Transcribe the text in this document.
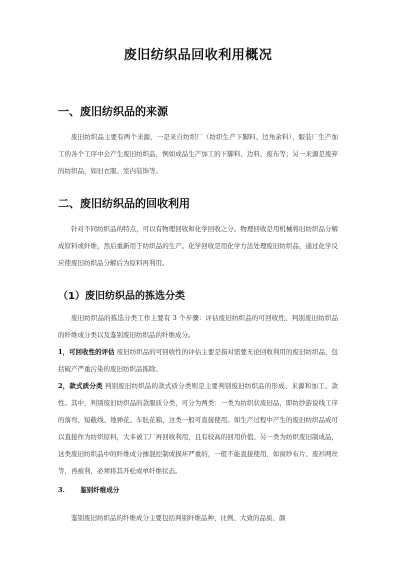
废旧纺织品回收利用概况
一、废旧纺织品的来源

废旧纺织品主要有两个来源，一是来自纺织厂（纺织生产下脚料、边角余料）、服装厂生产加工的各个工序中会产生废旧纺织品，例如成品生产加工的下脚料、边料、废布等；另一来源是废弃的纺织品，如旧衣服、室内装饰等。

二、废旧纺织品的回收利用

针对不同纺织品的特点，可以有物理回收和化学回收之分。物理回收是用机械将旧纺织品分解成原料或纤维，然后重新用于纺织品的生产。化学回收是用化学方法处理废旧纺织品，通过化学反应使废旧纺织品分解后为原料再利用。

（1）废旧纺织品的拣选分类

废旧纺织品的拣选分类工作主要有 3 个步骤：评估废旧纺织品的可回收性、判别废旧纺织品的纤维成分类以及鉴别废旧纺织品的纤维成分。

1，可回收性的评估 废旧纺织品的可回收性的评估主要是指对需要无论回收利用的废旧纺织品，包括破产严重污染的废旧纺织品拣除。

2，款式质分类 判别废旧纺织品的款式质分类则是主要判别废旧纺织品的形成、来源和加工、款性。其中，判别废旧纺织品的款服质分类，可分为两类：一类为纺织状废旧品，即纺纱游说线工序的落弯、短截线、地弹花、车肚花箱，这类一般可直接使用。如生产过程中产生的废旧纺织品成可以直接作为纺织原料，大多被工厂再回收利用，且有较高的回用价值。另一类为纺织废旧制成品，这类废旧纺织品中的纤维成分掺混控制或损坏严重的，一般不能直接使用，如窗纱布片、废衫网丝等，再被利，必须将其开松或单纤维状态。

3. 鉴别纤维成分

鉴别废旧纺织品的纤维成分主要包括判别纤维品种、比例、大致的品质、颜
